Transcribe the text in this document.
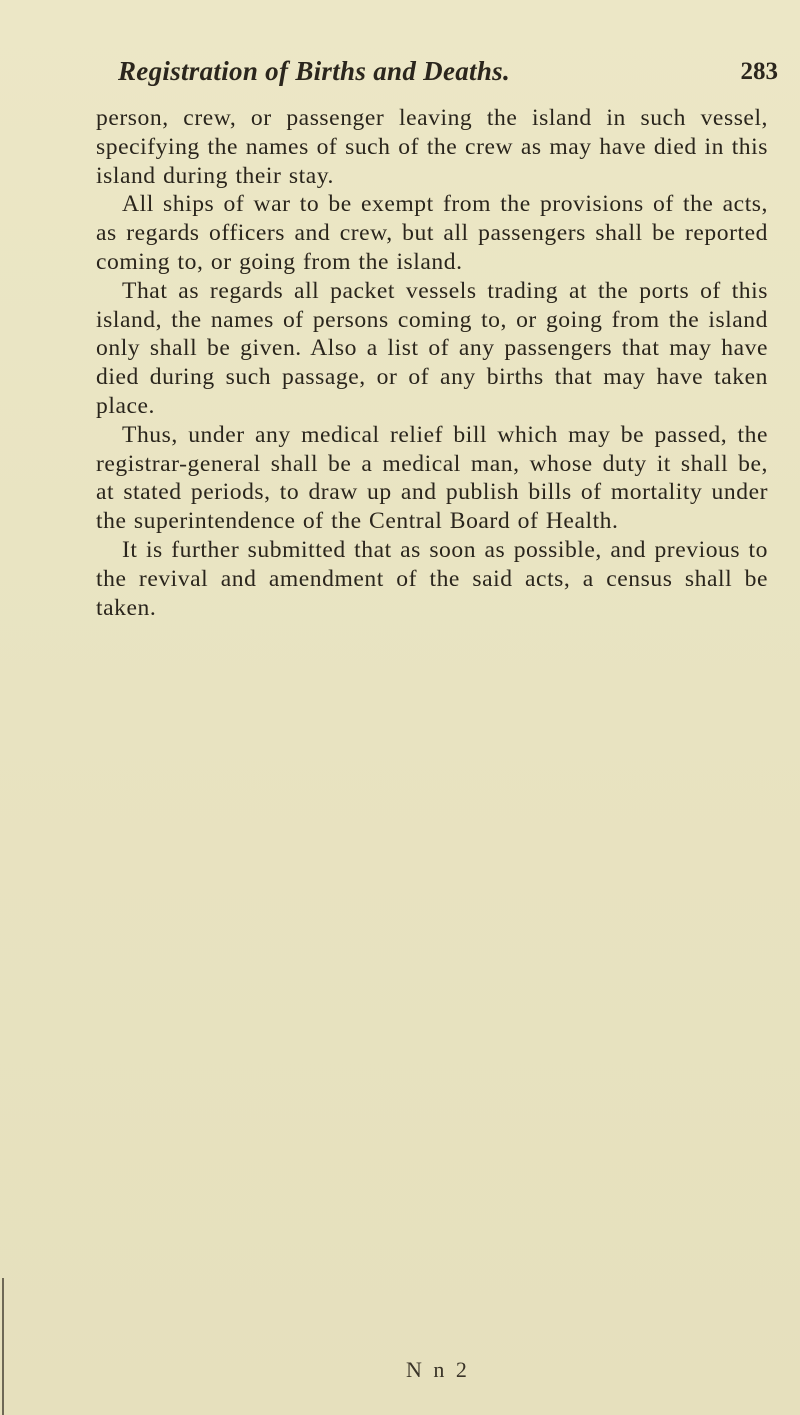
Registration of Births and Deaths.	283

person, crew, or passenger leaving the island in such vessel, specifying the names of such of the crew as may have died in this island during their stay.

All ships of war to be exempt from the provisions of the acts, as regards officers and crew, but all passengers shall be reported coming to, or going from the island.

That as regards all packet vessels trading at the ports of this island, the names of persons coming to, or going from the island only shall be given. Also a list of any passengers that may have died during such passage, or of any births that may have taken place.

Thus, under any medical relief bill which may be passed, the registrar-general shall be a medical man, whose duty it shall be, at stated periods, to draw up and publish bills of mortality under the superintendence of the Central Board of Health.

It is further submitted that as soon as possible, and previous to the revival and amendment of the said acts, a census shall be taken.

N n 2
